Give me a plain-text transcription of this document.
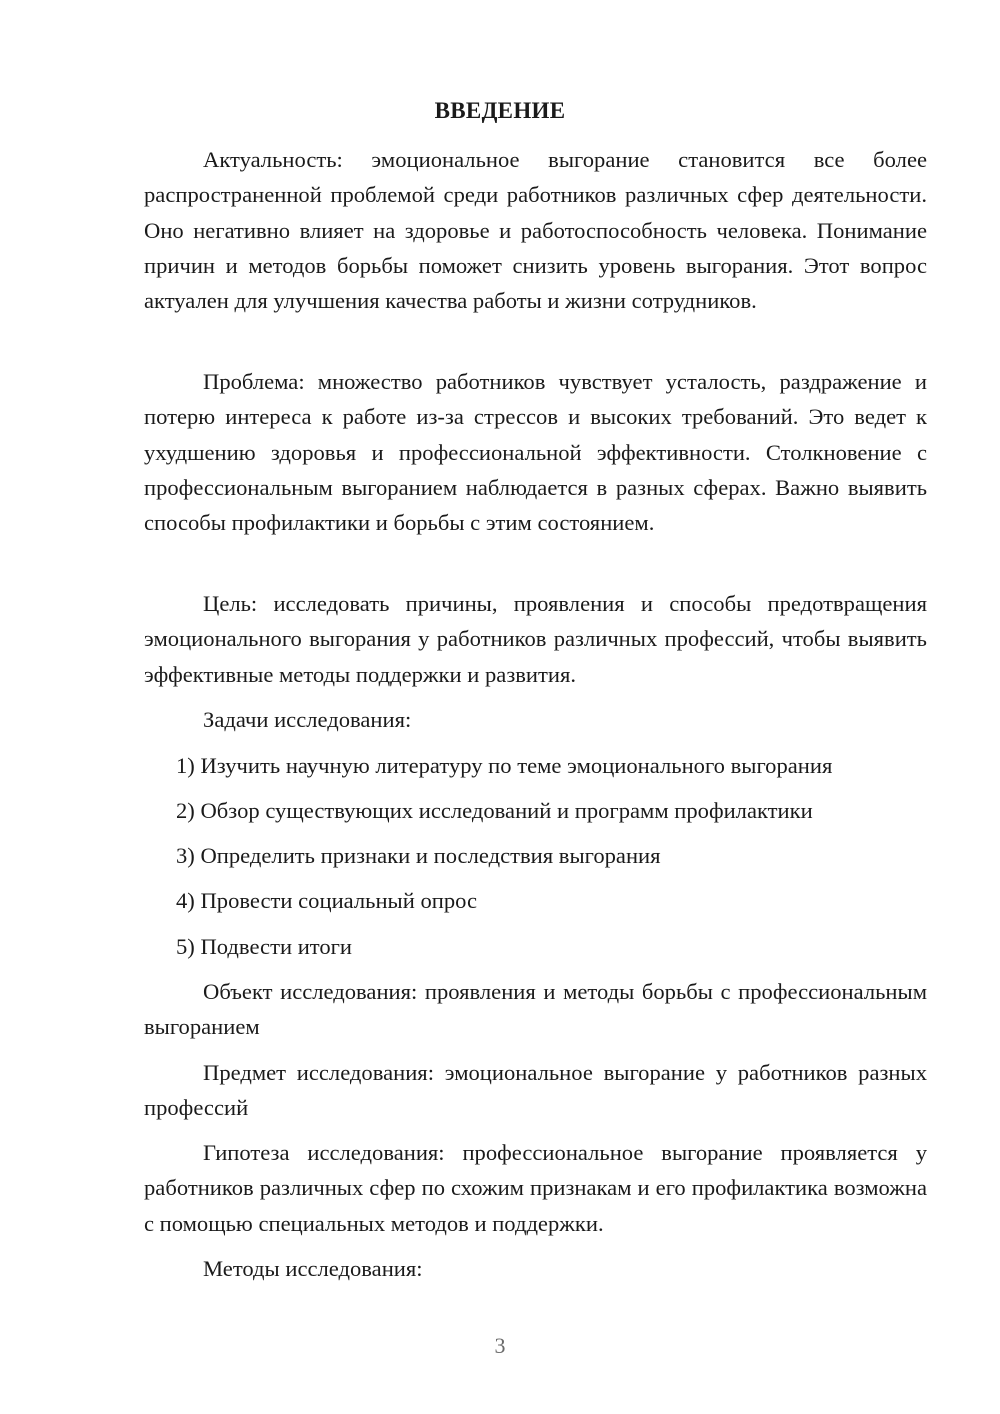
ВВЕДЕНИЕ

Актуальность: эмоциональное выгорание становится все более распространенной проблемой среди работников различных сфер деятельности. Оно негативно влияет на здоровье и работоспособность человека. Понимание причин и методов борьбы поможет снизить уровень выгорания. Этот вопрос актуален для улучшения качества работы и жизни сотрудников.

Проблема: множество работников чувствует усталость, раздражение и потерю интереса к работе из-за стрессов и высоких требований. Это ведет к ухудшению здоровья и профессиональной эффективности. Столкновение с профессиональным выгоранием наблюдается в разных сферах. Важно выявить способы профилактики и борьбы с этим состоянием.

Цель: исследовать причины, проявления и способы предотвращения эмоционального выгорания у работников различных профессий, чтобы выявить эффективные методы поддержки и развития.

Задачи исследования:

1) Изучить научную литературу по теме эмоционального выгорания

2) Обзор существующих исследований и программ профилактики

3) Определить признаки и последствия выгорания

4) Провести социальный опрос

5) Подвести итоги

Объект исследования: проявления и методы борьбы с профессиональным выгоранием

Предмет исследования: эмоциональное выгорание у работников разных профессий

Гипотеза исследования: профессиональное выгорание проявляется у работников различных сфер по схожим признакам и его профилактика возможна с помощью специальных методов и поддержки.

Методы исследования:

3
